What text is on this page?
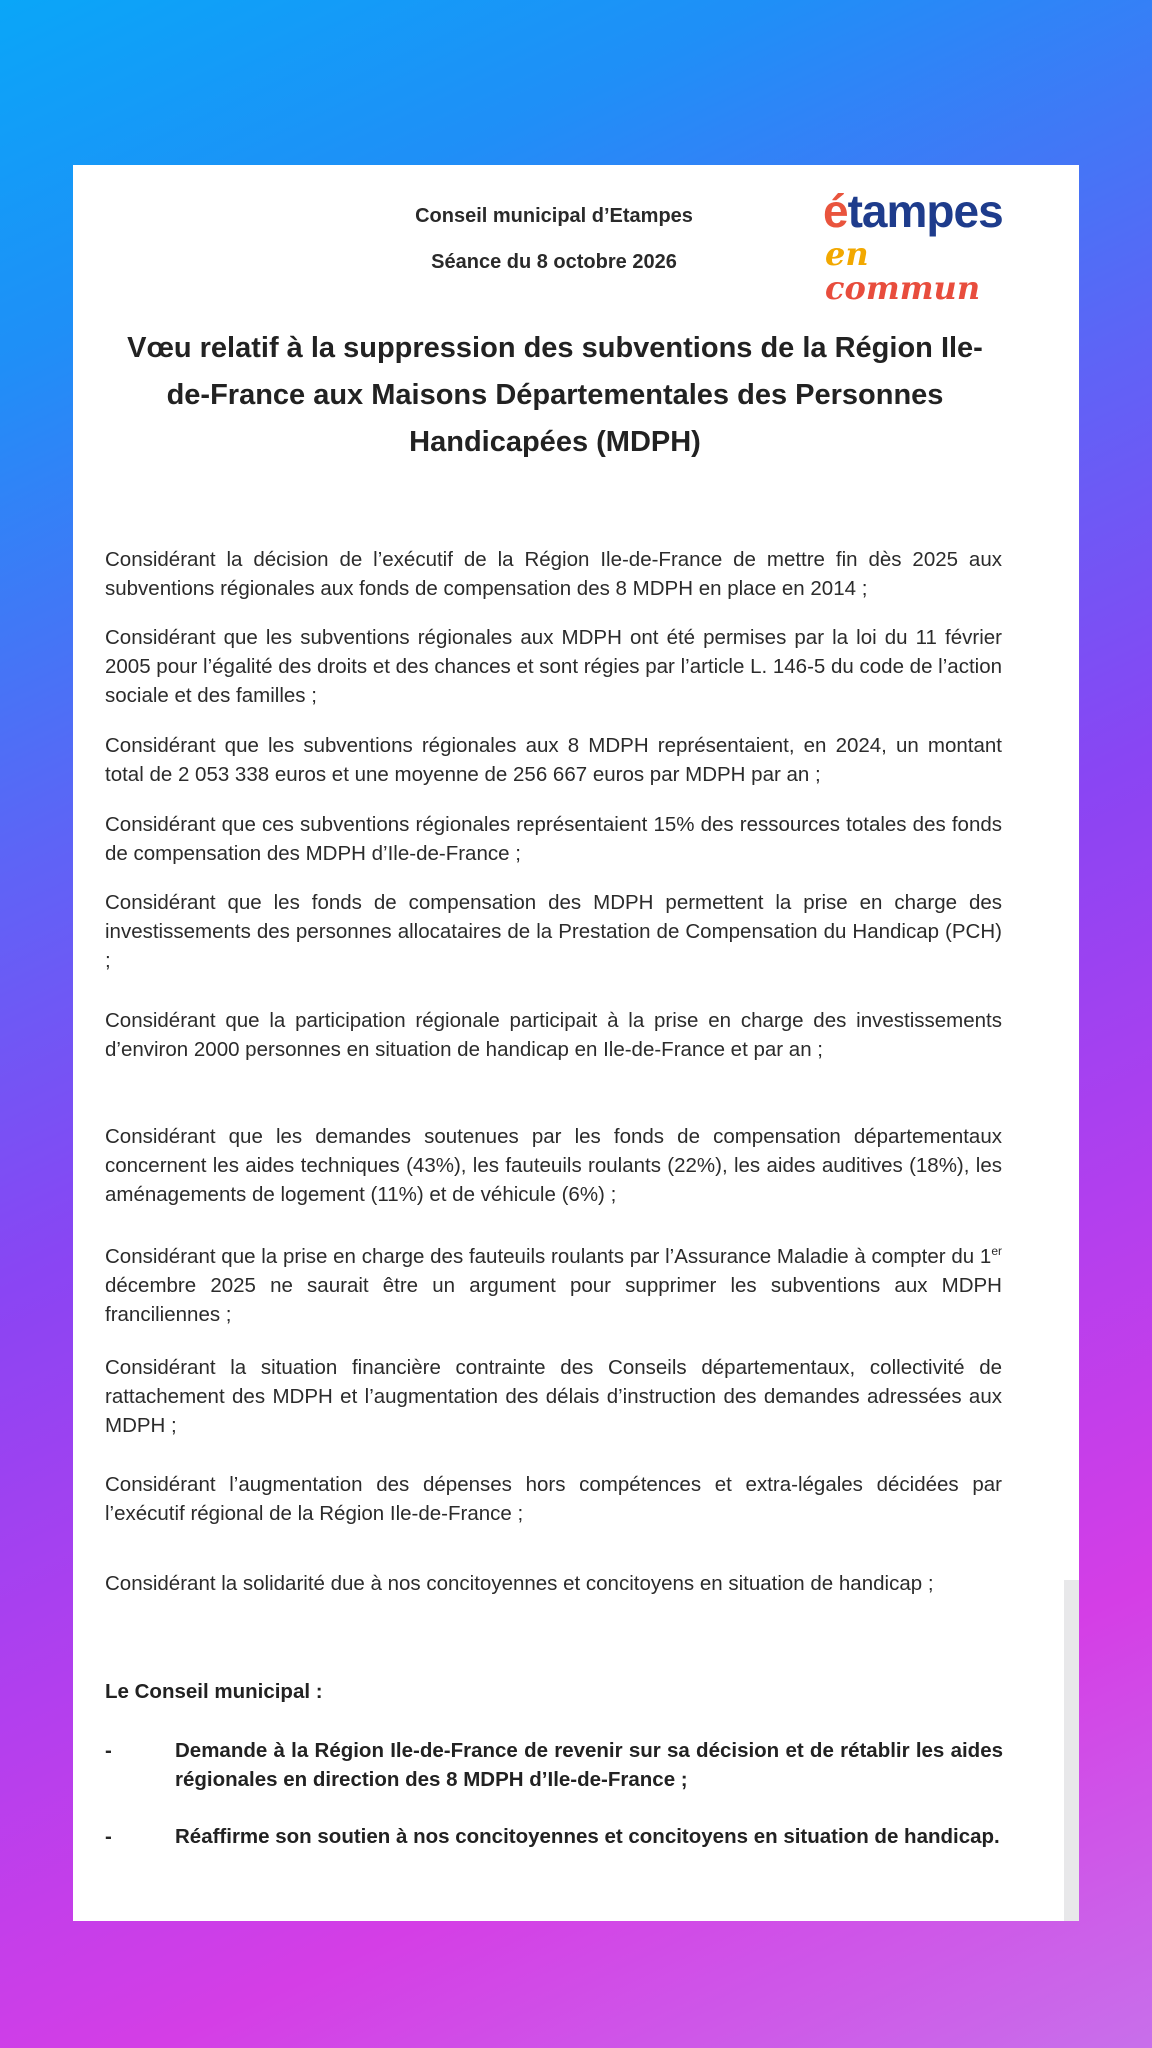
Conseil municipal d’Etampes
Séance du 8 octobre 2026
étampes
en commun
Vœu relatif à la suppression des subventions de la Région Ile-de-France aux Maisons Départementales des Personnes Handicapées (MDPH)

Considérant la décision de l’exécutif de la Région Ile-de-France de mettre fin dès 2025 aux subventions régionales aux fonds de compensation des 8 MDPH en place en 2014 ;

Considérant que les subventions régionales aux MDPH ont été permises par la loi du 11 février 2005 pour l’égalité des droits et des chances et sont régies par l’article L. 146-5 du code de l’action sociale et des familles ;

Considérant que les subventions régionales aux 8 MDPH représentaient, en 2024, un montant total de 2 053 338 euros et une moyenne de 256 667 euros par MDPH par an ;

Considérant que ces subventions régionales représentaient 15% des ressources totales des fonds de compensation des MDPH d’Ile-de-France ;

Considérant que les fonds de compensation des MDPH permettent la prise en charge des investissements des personnes allocataires de la Prestation de Compensation du Handicap (PCH) ;

Considérant que la participation régionale participait à la prise en charge des investissements d’environ 2000 personnes en situation de handicap en Ile-de-France et par an ;

Considérant que les demandes soutenues par les fonds de compensation départementaux concernent les aides techniques (43%), les fauteuils roulants (22%), les aides auditives (18%), les aménagements de logement (11%) et de véhicule (6%) ;

Considérant que la prise en charge des fauteuils roulants par l’Assurance Maladie à compter du 1er décembre 2025 ne saurait être un argument pour supprimer les subventions aux MDPH franciliennes ;

Considérant la situation financière contrainte des Conseils départementaux, collectivité de rattachement des MDPH et l’augmentation des délais d’instruction des demandes adressées aux MDPH ;

Considérant l’augmentation des dépenses hors compétences et extra-légales décidées par l’exécutif régional de la Région Ile-de-France ;

Considérant la solidarité due à nos concitoyennes et concitoyens en situation de handicap ;

Le Conseil municipal :

-	Demande à la Région Ile-de-France de revenir sur sa décision et de rétablir les aides régionales en direction des 8 MDPH d’Ile-de-France ;

-	Réaffirme son soutien à nos concitoyennes et concitoyens en situation de handicap.
